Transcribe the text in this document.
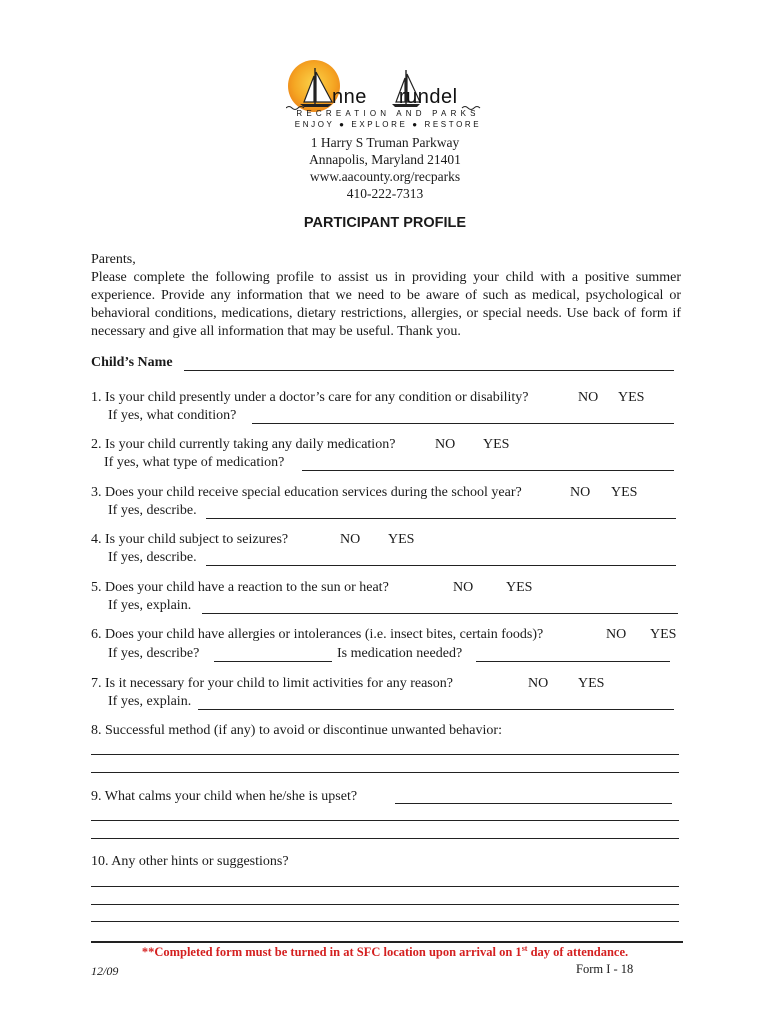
nne rundel
RECREATION AND PARKS
ENJOY ● EXPLORE ● RESTORE
1 Harry S Truman Parkway
Annapolis, Maryland 21401
www.aacounty.org/recparks
410-222-7313
PARTICIPANT PROFILE
Parents,
Please complete the following profile to assist us in providing your child with a positive summer experience. Provide any information that we need to be aware of such as medical, psychological or behavioral conditions, medications, dietary restrictions, allergies, or special needs. Use back of form if necessary and give all information that may be useful. Thank you.
Child’s Name
1. Is your child presently under a doctor’s care for any condition or disability?	NO YES
If yes, what condition?
2. Is your child currently taking any daily medication?	NO YES
If yes, what type of medication?
3. Does your child receive special education services during the school year?	NO YES
If yes, describe.
4. Is your child subject to seizures?	NO YES
If yes, describe.
5. Does your child have a reaction to the sun or heat?	NO YES
If yes, explain.
6. Does your child have allergies or intolerances (i.e. insect bites, certain foods)?	NO YES
If yes, describe?	Is medication needed?
7. Is it necessary for your child to limit activities for any reason?	NO YES
If yes, explain.
8. Successful method (if any) to avoid or discontinue unwanted behavior:
9. What calms your child when he/she is upset?
10. Any other hints or suggestions?
**Completed form must be turned in at SFC location upon arrival on 1st day of attendance.
12/09	Form I - 18
